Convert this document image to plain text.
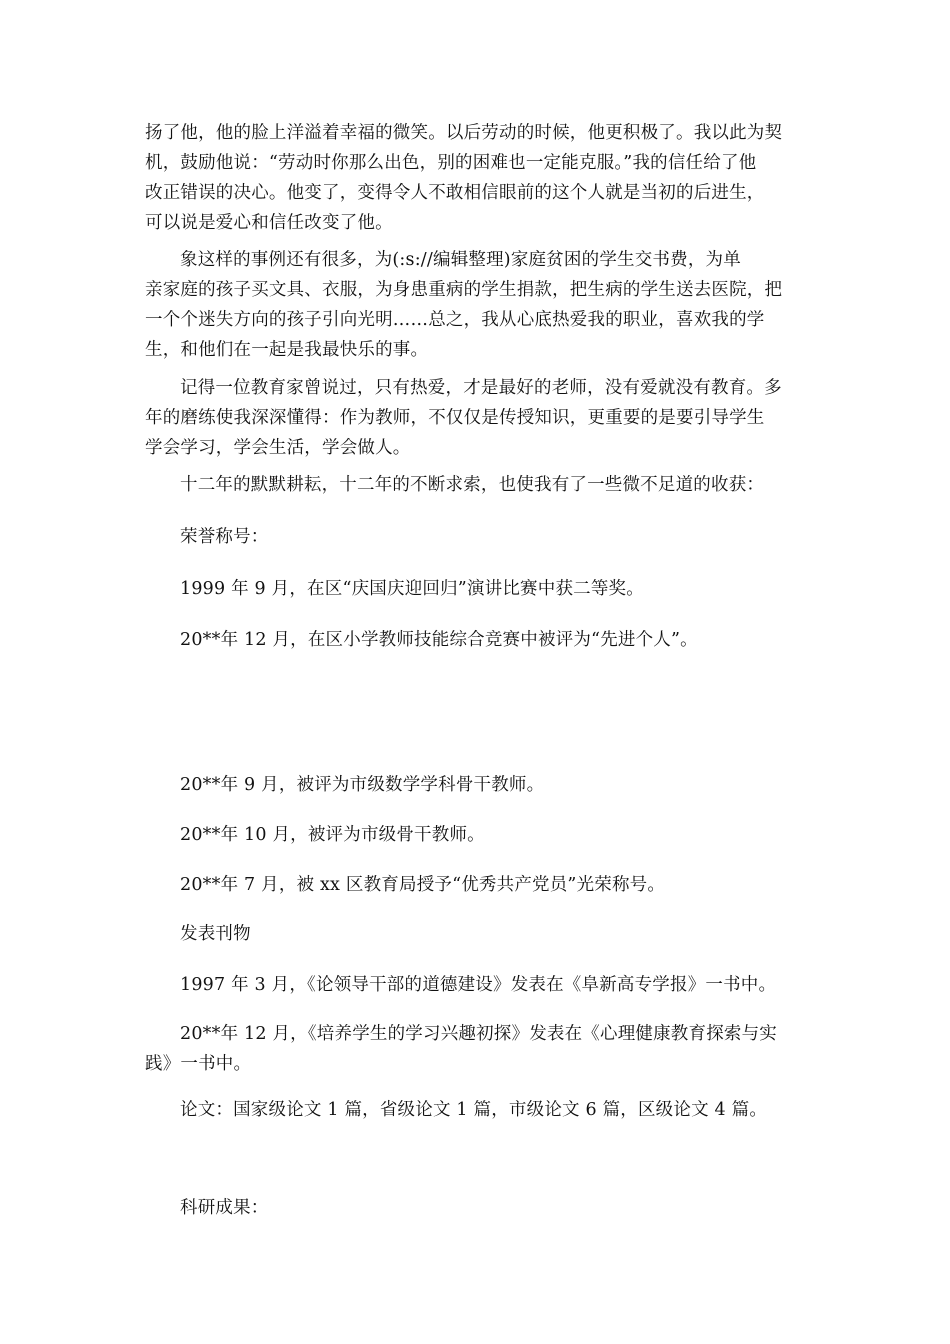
扬了他，他的脸上洋溢着幸福的微笑。以后劳动的时候，他更积极了。我以此为契
机，鼓励他说：“劳动时你那么出色，别的困难也一定能克服。”我的信任给了他
改正错误的决心。他变了，变得令人不敢相信眼前的这个人就是当初的后进生，
可以说是爱心和信任改变了他。

象这样的事例还有很多，为(:s://编辑整理)家庭贫困的学生交书费，为单
亲家庭的孩子买文具、衣服，为身患重病的学生捐款，把生病的学生送去医院，把
一个个迷失方向的孩子引向光明……总之，我从心底热爱我的职业，喜欢我的学
生，和他们在一起是我最快乐的事。

记得一位教育家曾说过，只有热爱，才是最好的老师，没有爱就没有教育。多
年的磨练使我深深懂得：作为教师，不仅仅是传授知识，更重要的是要引导学生
学会学习，学会生活，学会做人。

十二年的默默耕耘，十二年的不断求索，也使我有了一些微不足道的收获：

荣誉称号：

1999 年 9 月，在区“庆国庆迎回归”演讲比赛中获二等奖。

20**年 12 月，在区小学教师技能综合竞赛中被评为“先进个人”。

20**年 9 月，被评为市级数学学科骨干教师。

20**年 10 月，被评为市级骨干教师。

20**年 7 月，被 xx 区教育局授予“优秀共产党员”光荣称号。

发表刊物

1997 年 3 月，《论领导干部的道德建设》发表在《阜新高专学报》一书中。

20**年 12 月，《培养学生的学习兴趣初探》发表在《心理健康教育探索与实
践》一书中。

论文：国家级论文 1 篇，省级论文 1 篇，市级论文 6 篇，区级论文 4 篇。

科研成果：
